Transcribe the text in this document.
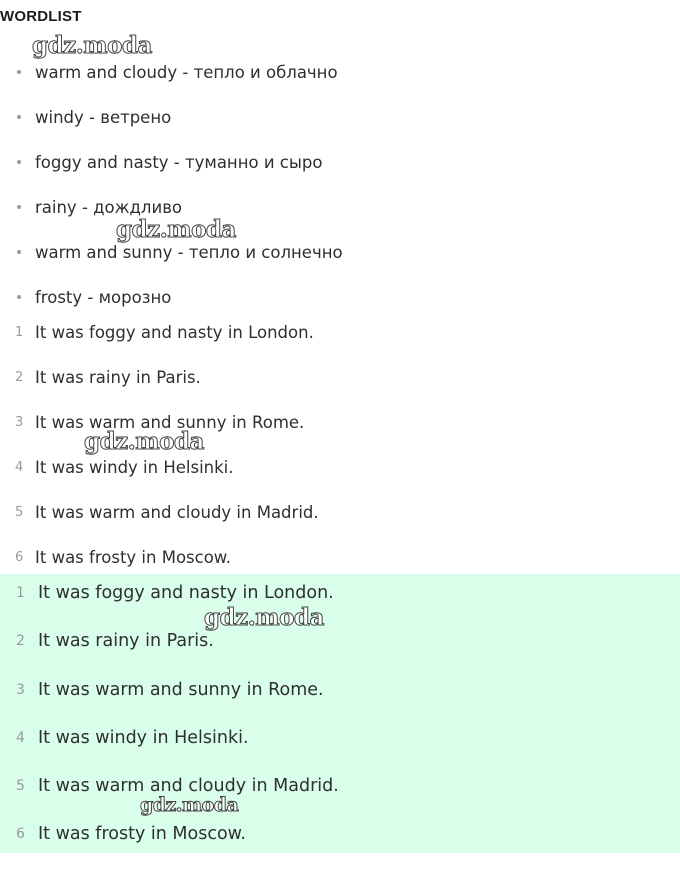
WORDLIST
warm and cloudy - тепло и облачно
windy - ветрено
foggy and nasty - туманно и сыро
rainy - дождливо
warm and sunny - тепло и солнечно
frosty - морозно
1 It was foggy and nasty in London.
2 It was rainy in Paris.
3 It was warm and sunny in Rome.
4 It was windy in Helsinki.
5 It was warm and cloudy in Madrid.
6 It was frosty in Moscow.
1 It was foggy and nasty in London.
2 It was rainy in Paris.
3 It was warm and sunny in Rome.
4 It was windy in Helsinki.
5 It was warm and cloudy in Madrid.
6 It was frosty in Moscow.
gdz.moda
gdz.moda
gdz.moda
gdz.moda
gdz.moda
